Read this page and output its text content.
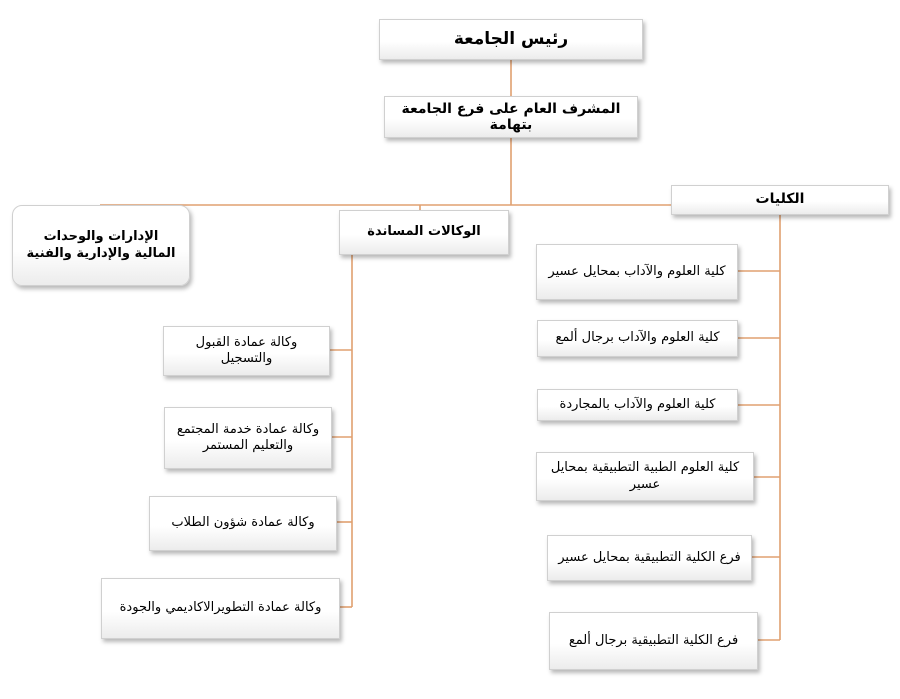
رئيس الجامعة
المشرف العام على فرع الجامعة بتهامة
الكليات
الوكالات المساندة
الإدارات والوحدات المالية والإدارية والفنية
كلية العلوم والآداب بمحايل عسير
كلية العلوم والآداب برجال ألمع
كلية العلوم والآداب بالمجاردة
كلية العلوم الطبية التطبيقية بمحايل عسير
فرع الكلية التطبيقية بمحايل عسير
فرع الكلية التطبيقية برجال ألمع
وكالة عمادة القبول والتسجيل
وكالة عمادة خدمة المجتمع والتعليم المستمر
وكالة عمادة شؤون الطلاب
وكالة عمادة التطويرالاكاديمي والجودة
